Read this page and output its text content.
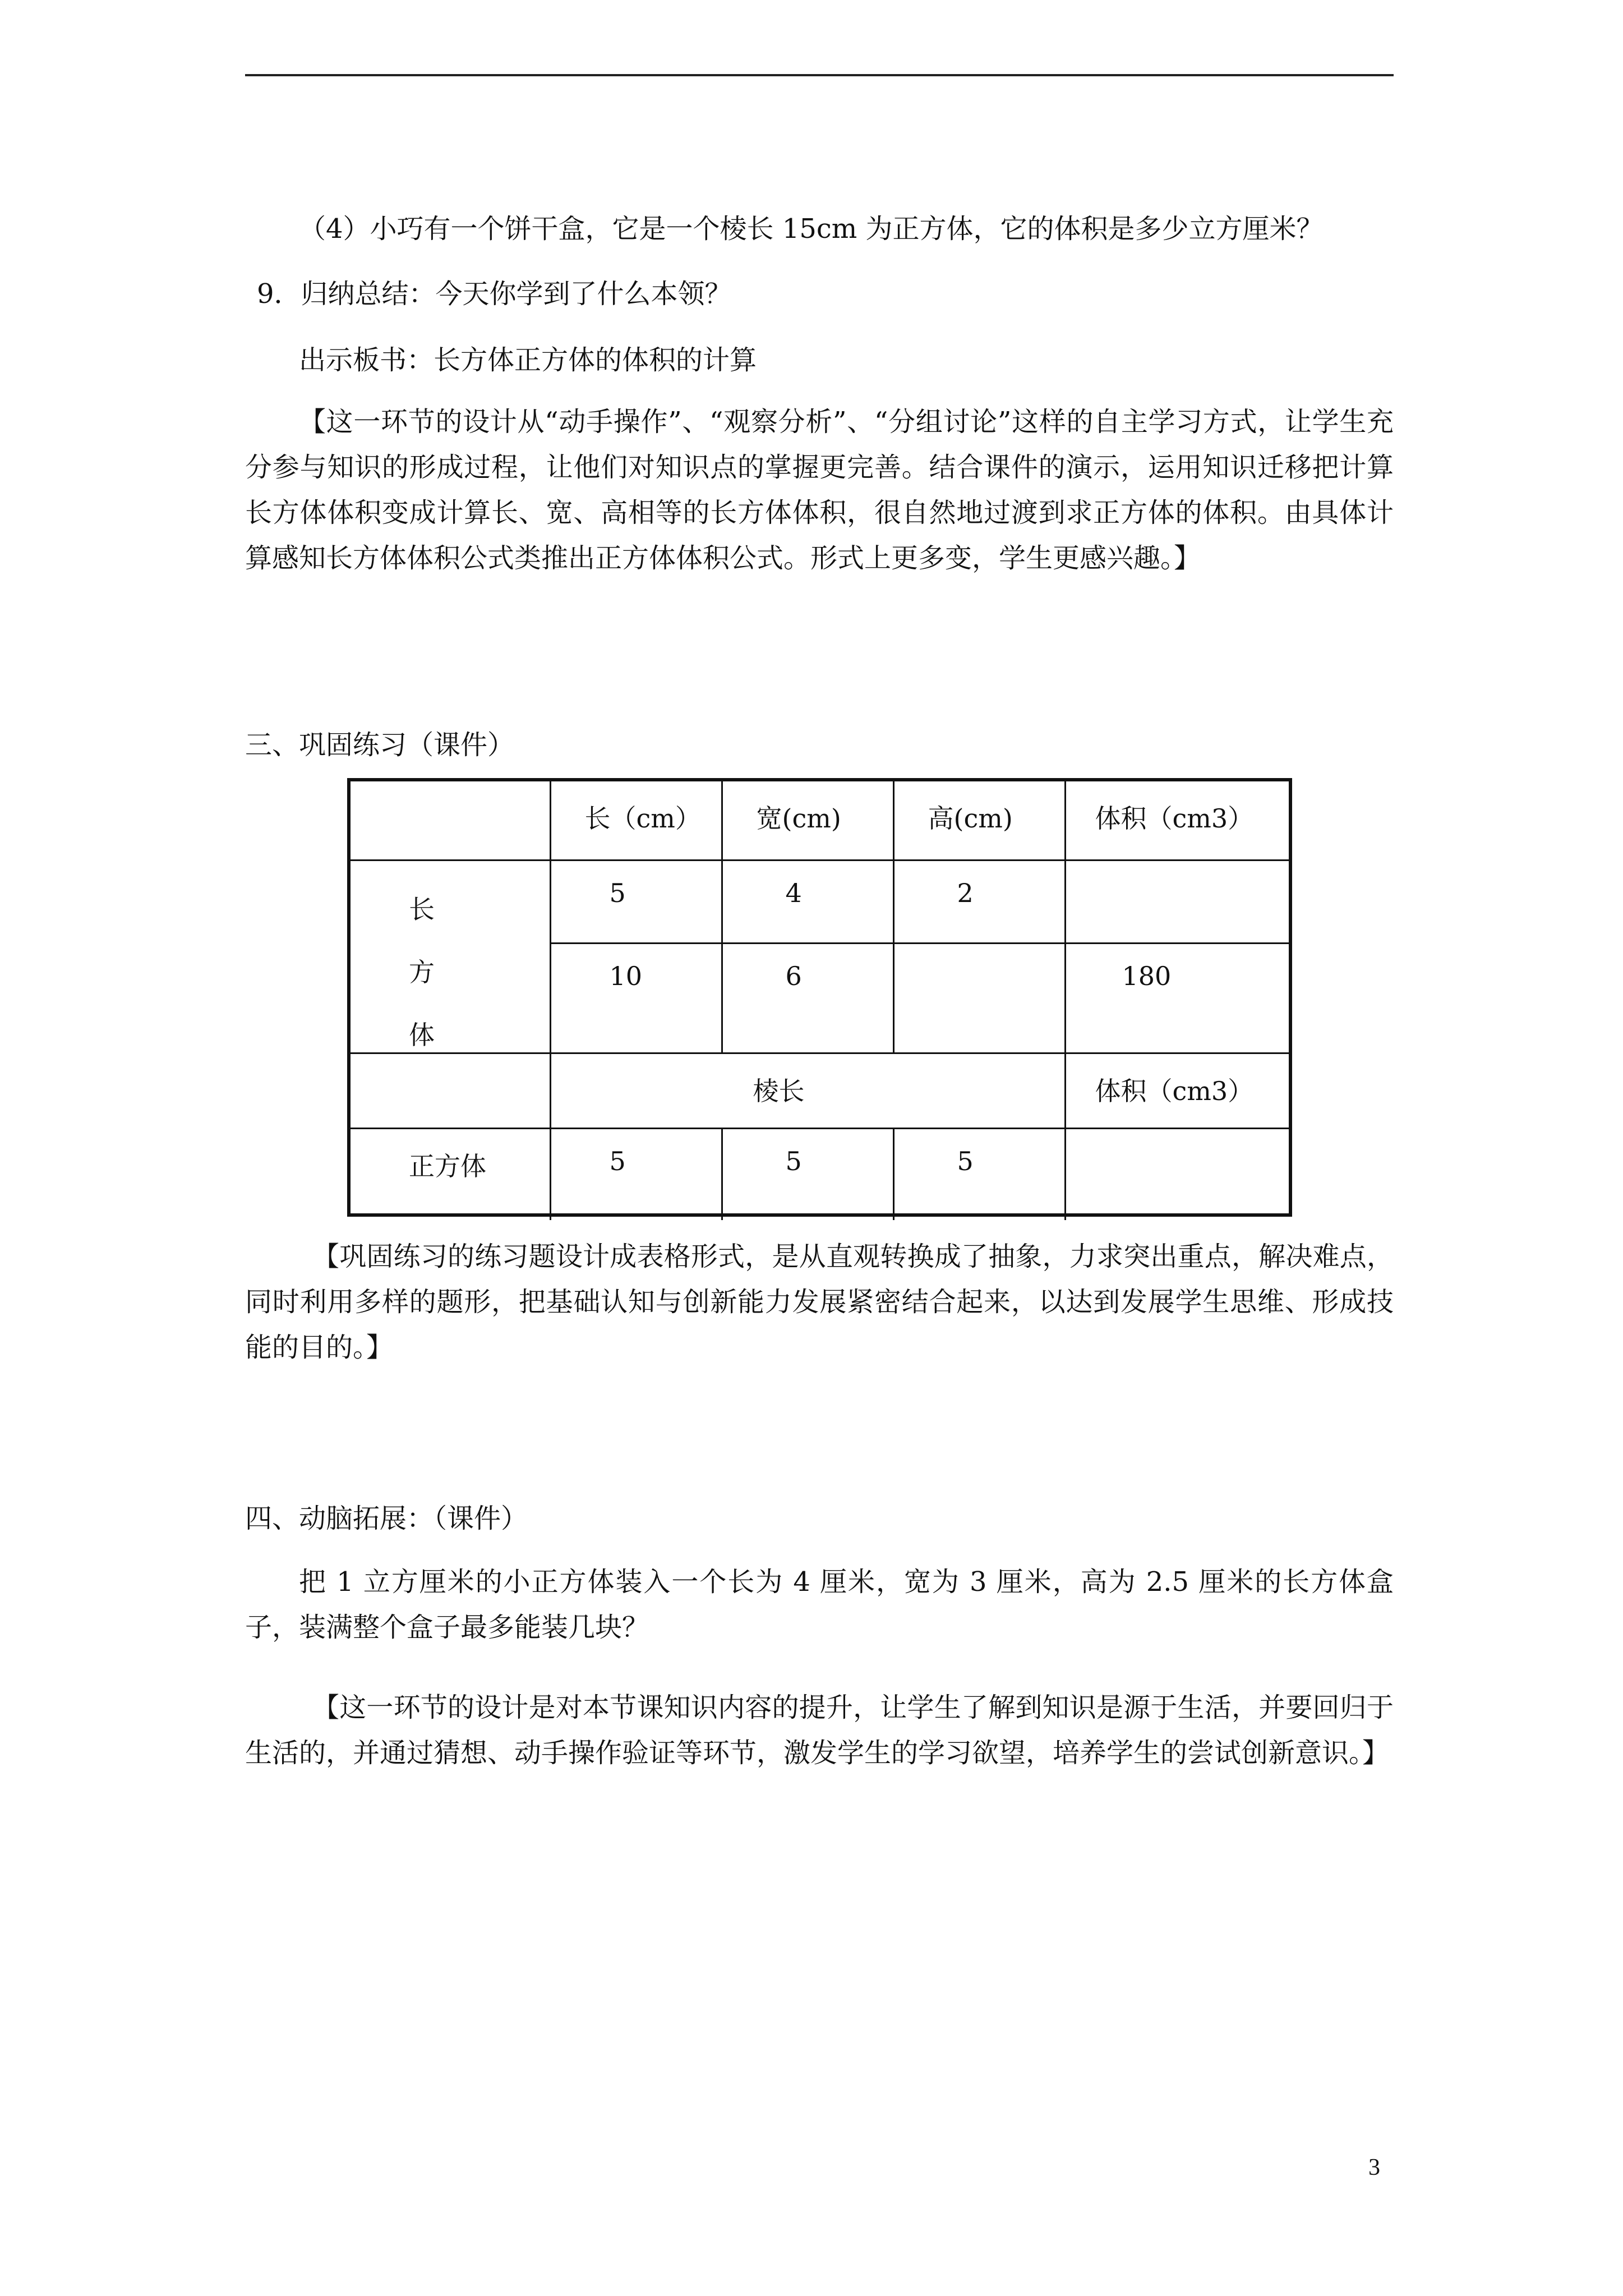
（4）小巧有一个饼干盒，它是一个棱长 15cm 为正方体，它的体积是多少立方厘米？

9．归纳总结：今天你学到了什么本领？

出示板书：长方体正方体的体积的计算

【这一环节的设计从“动手操作”、“观察分析”、“分组讨论”这样的自主学习方式，让学生充分参与知识的形成过程，让他们对知识点的掌握更完善。结合课件的演示，运用知识迁移把计算长方体体积变成计算长、宽、高相等的长方体体积，很自然地过渡到求正方体的体积。由具体计算感知长方体体积公式类推出正方体体积公式。形式上更多变，学生更感兴趣。】

三、巩固练习（课件）

	长（cm）	宽(cm)	高(cm)	体积（cm3）

长
方
体	5	4	2	

	10	6		180

	棱长			体积（cm3）

正方体	5	5	5	

【巩固练习的练习题设计成表格形式，是从直观转换成了抽象，力求突出重点，解决难点，同时利用多样的题形，把基础认知与创新能力发展紧密结合起来，以达到发展学生思维、形成技能的目的。】

四、动脑拓展：（课件）

把 1 立方厘米的小正方体装入一个长为 4 厘米，宽为 3 厘米，高为 2.5 厘米的长方体盒子，装满整个盒子最多能装几块？

【这一环节的设计是对本节课知识内容的提升，让学生了解到知识是源于生活，并要回归于生活的，并通过猜想、动手操作验证等环节，激发学生的学习欲望，培养学生的尝试创新意识。】

3
